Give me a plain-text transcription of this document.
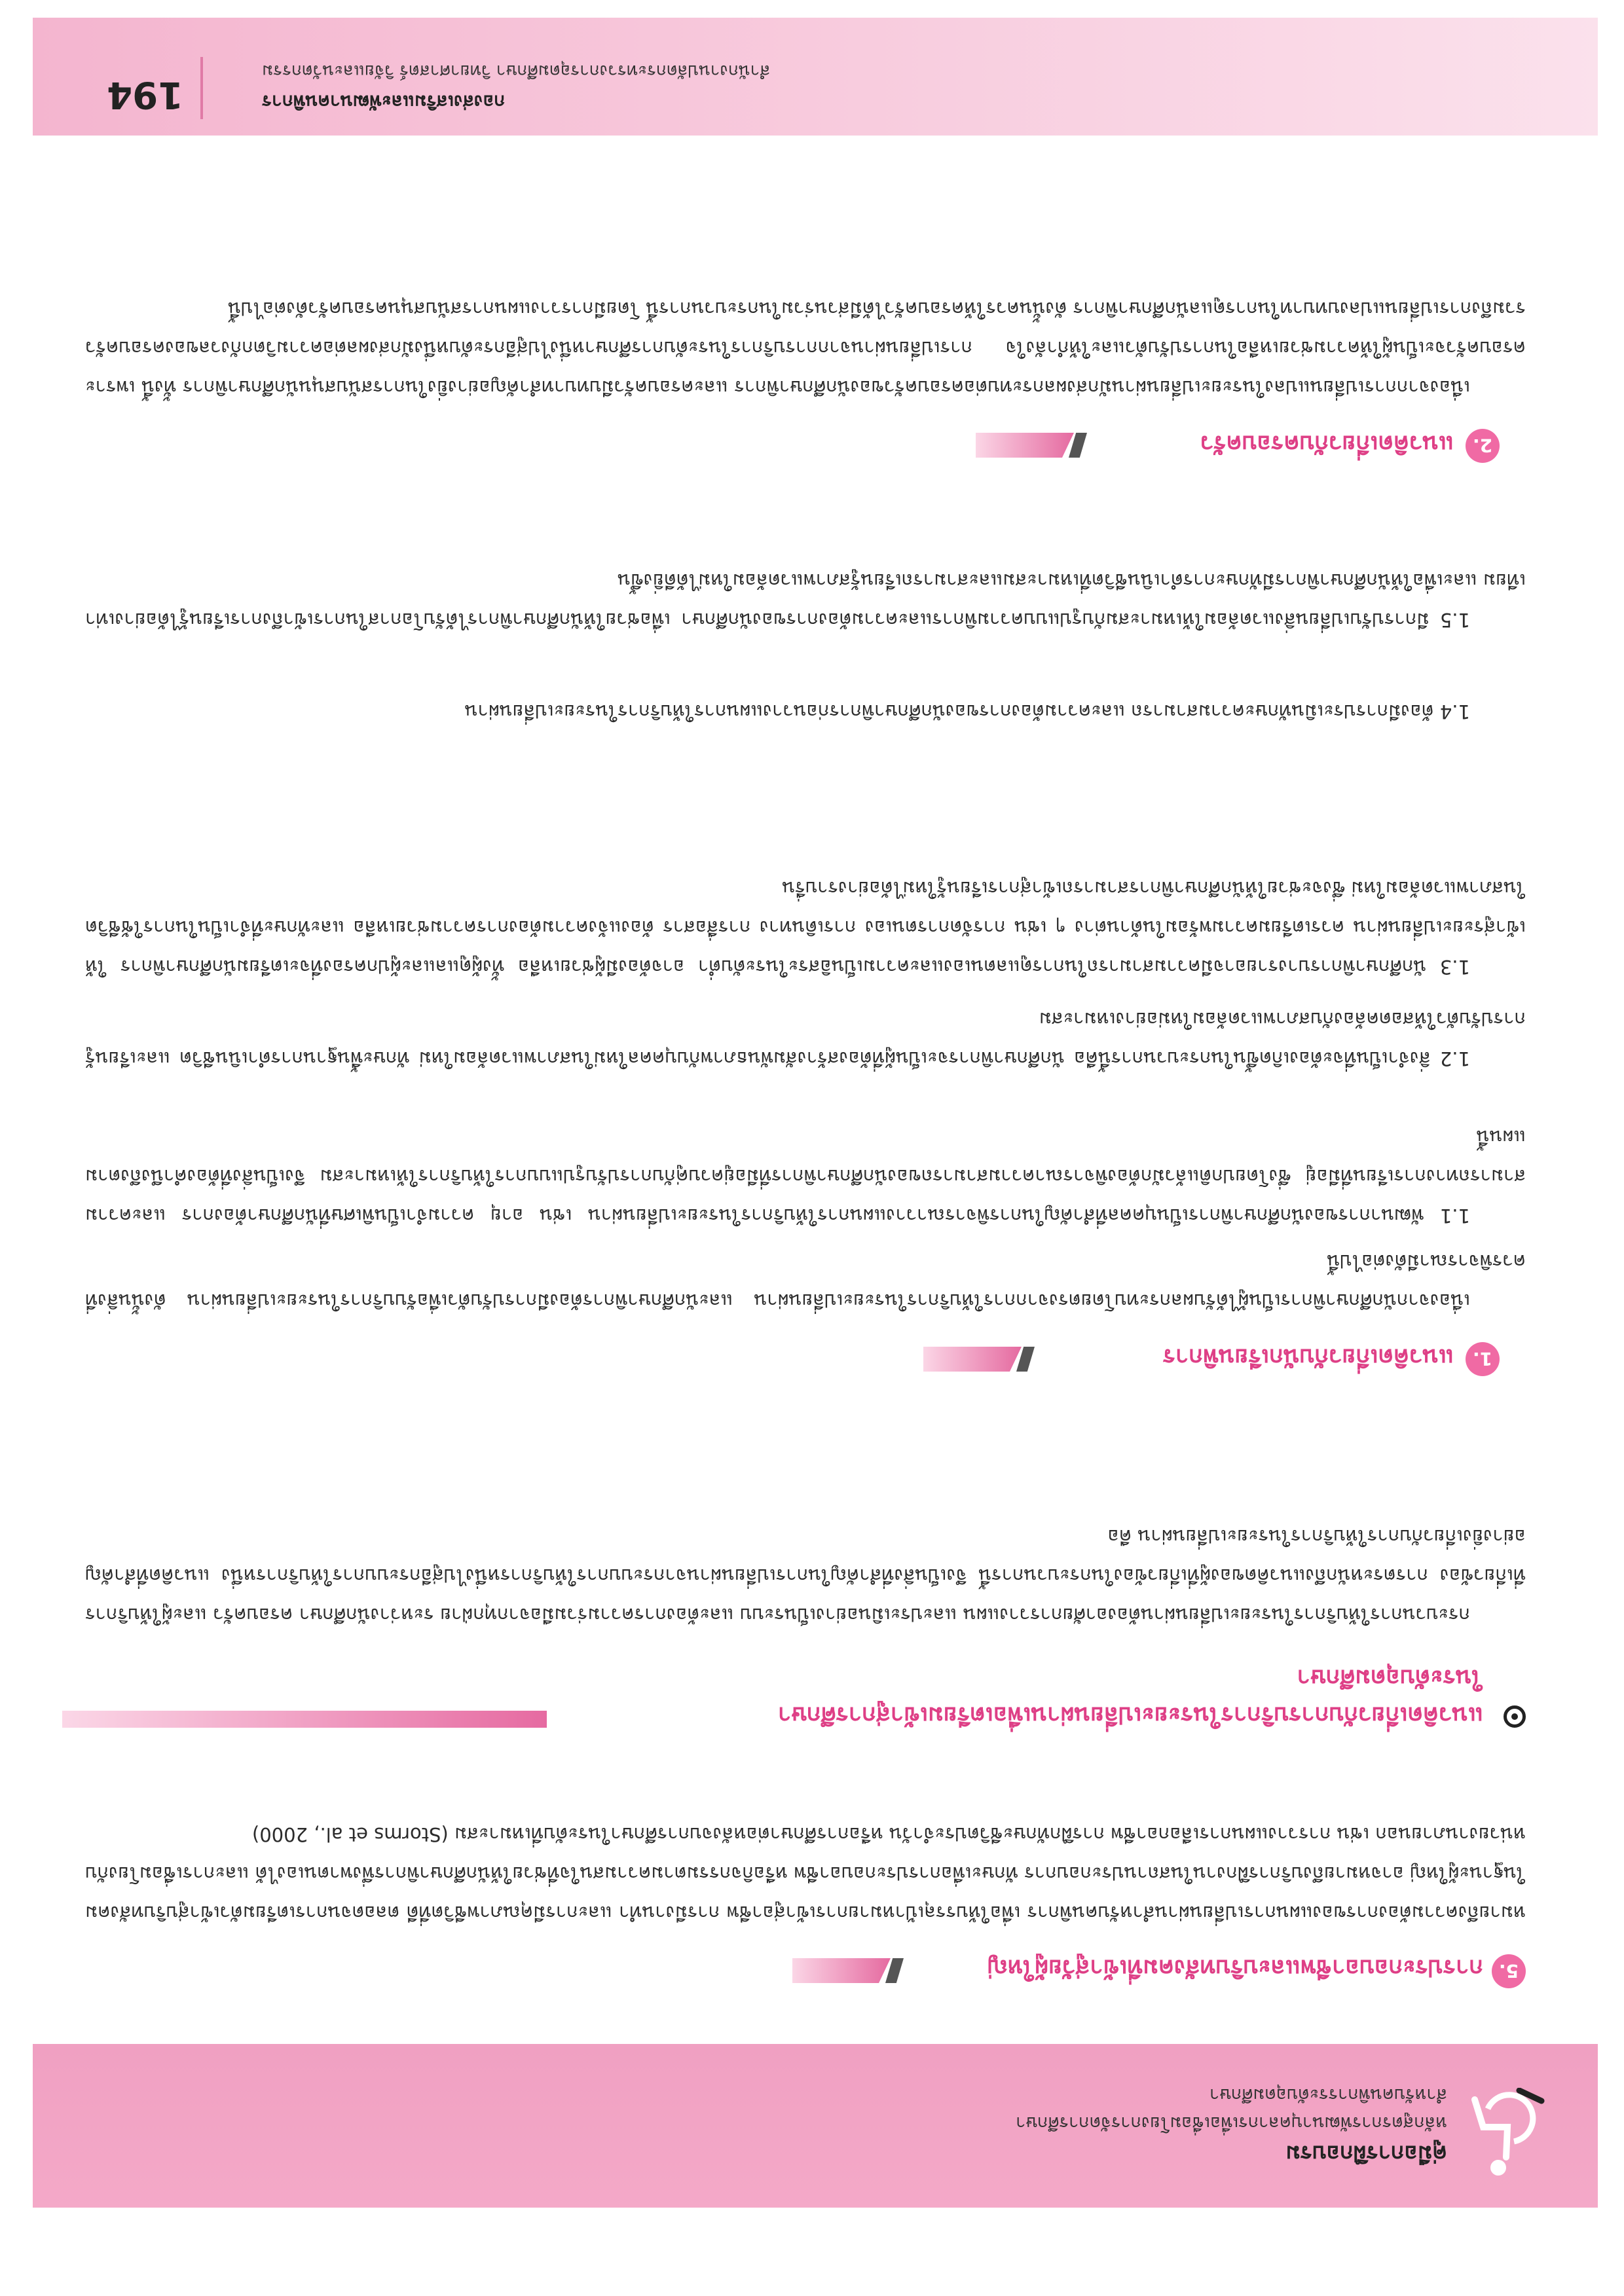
คู่มือการฝึกอบรม
หลักสูตรการพัฒนาบุคลากรเพื่อเชื่อมโยงการจัดการศึกษา
สำหรับคนพิการระดับอุดมศึกษา
5.
การประกอบอาชีพและบริบทสังคมที่เข้าสู่วัยผู้ใหญ่
หมายถึงความต้องการของแผนการเปลี่ยนผ่านสำหรับคนพิการ เพื่อให้บรรลุเป้าหมายการเข้าสู่อาชีพ การมีงานทำ และการมีคุณภาพชีวิตที่ดี ตลอดจนการเตรียมตัวเข้าสู่บริบทสังคมในฐานะผู้ใหญ่ อาจหมายถึงบริการฝึกงานในสถานประกอบการ ทักษะเพื่อการประกอบอาชีพ หรือกิจกรรมตามความสนใจที่ช่วยให้นักศึกษาพิการพึ่งพาตนเองได้ และการเชื่อมโยงกับหน่วยงานภายนอก เช่น การวางแผนการเลือกอาชีพ การฝึกทักษะชีวิตประจำวัน หรือการศึกษาต่อหลังจบการศึกษาในระดับที่เหมาะสม (Storms et al., 2000)
แนวคิดเกี่ยวกับการบริการในระยะเปลี่ยนผ่านเพื่อเตรียมเข้าสู่การศึกษา
ในระดับอุดมศึกษา
กระบวนการให้บริการในระยะเปลี่ยนผ่านต้องอาศัยการวางแผน และประเมินอย่างเป็นระบบ และต้องการความร่วมมือจากทุกฝ่าย ระหว่างนักศึกษา ครอบครัว และผู้ให้บริการที่เกี่ยวข้อง การตระหนักถึงแนวคิดของผู้ที่เกี่ยวข้องในกระบวนการนี้ จึงเป็นสิ่งที่สำคัญในการเปลี่ยนผ่านจากระบบการให้บริการหนึ่งไปสู่อีกระบบการให้บริการหนึ่ง แนวคิดที่สำคัญอย่างยิ่งเกี่ยวกับการให้บริการในระยะเปลี่ยนผ่าน คือ
1.
แนวคิดเกี่ยวกับนักเรียนพิการ
เนื่องจากนักศึกษาพิการเป็นผู้ได้รับผลกระทบโดยตรงจากการให้บริการในระยะเปลี่ยนผ่าน และนักศึกษาพิการต้องมีการปรับตัวเพื่อรับบริการในระยะเปลี่ยนผ่าน ดังนั้นสิ่งที่ควรพิจารณามีดังต่อไปนี้
1.1 พัฒนาการของนักศึกษาพิการเป็นบุคคลที่สำคัญในการพิจารณาวางแผนการให้บริการในระยะเปลี่ยนผ่าน เช่น อายุ ความจำเป็นพิเศษที่นักศึกษาต้องการ และความสามารถทางการเรียนที่มีอยู่ ซึ่งโดยปกติแล้วมักต้องพิจารณาความสามารถของนักศึกษาพิการที่มีอยู่ควบคู่กับการปรับรูปแบบการให้บริการให้เหมาะสม จึงเป็นสิ่งที่ต้องคำนึงถึงตามแผนนี้
1.2 สิ่งจำเป็นที่จะต้องเกิดขึ้นในกระบวนการนี้คือ นักศึกษาพิการจะเป็นผู้ที่ต้องสร้างสัมพันธภาพกับบุคคลใหม่ในสภาพแวดล้อมใหม่ ทักษะพื้นฐานการดำเนินชีวิต และเรียนรู้การปรับตัวให้สอดคล้องกับสภาพแวดล้อมใหม่อย่างเหมาะสม
1.3 นักศึกษาพิการบางรายอาจมีความสามารถในการดูแลตนเองและความเป็นอิสระในระดับต่ำ อาจต้องมีผู้ช่วยเหลือ ทั้งผู้ดูแลและผู้ปกครองที่จะเตรียมนักศึกษาพิการ ให้เข้าสู่ระยะเปลี่ยนผ่าน ควรเตรียมความพร้อมในด้านต่าง ๆ เช่น การจัดการตนเอง การเดินทาง การสื่อสาร ต้องแจ้งความต้องการความช่วยเหลือ และทักษะที่จำเป็นในการใช้ชีวิตในสภาพแวดล้อมใหม่ ซึ่งจะช่วยให้นักศึกษาพิการสามารถเข้าสู่การเรียนรู้ใหม่ได้อย่างราบรื่น
1.4 ต้องมีการประเมินทักษะความสามารถ และความต้องการของนักศึกษาพิการก่อนวางแผนการให้บริการในระยะเปลี่ยนผ่าน
1.5 มีการปรับเปลี่ยนสิ่งแวดล้อมให้เหมาะสมกับรูปแบบความพิการและความต้องการของนักศึกษา เพื่อช่วยให้นักศึกษาพิการได้รับโอกาสในการเข้าถึงการเรียนรู้ได้อย่างเท่าเทียม และเพื่อให้นักศึกษาพิการมีทักษะการดำเนินชีวิตที่เหมาะสมและสามารถเรียนรู้สภาพแวดล้อมใหม่ได้ดียิ่งขึ้น
2.
แนวคิดเกี่ยวกับครอบครัว
เนื่องจากการเปลี่ยนแปลงในระยะเปลี่ยนผ่านมักส่งผลกระทบต่อครอบครัวของนักศึกษาพิการ และครอบครัวมีบทบาทสำคัญอย่างยิ่งในการสนับสนุนนักศึกษาพิการ ทั้งนี้ เพราะครอบครัวจะเป็นผู้ให้ความช่วยเหลือในการปรับตัวและให้กำลังใจ การเปลี่ยนผ่านจากการบริการในระดับการศึกษาหนึ่งไปสู่อีกระดับหนึ่งมักส่งผลต่อความวิตกกังวลของครอบครัว รวมถึงการเปลี่ยนแปลงบทบาทในการดูแลนักศึกษาพิการ ดังนั้นควรให้ครอบครัวได้มีส่วนร่วมในกระบวนการนี้ โดยมีการวางแผนการสนับสนุนครอบครัวดังต่อไปนี้
กองส่งเสริมและพัฒนาคนพิการ
สำนักงานปลัดกระทรวงการอุดมศึกษา วิทยาศาสตร์ วิจัยและนวัตกรรม
194
